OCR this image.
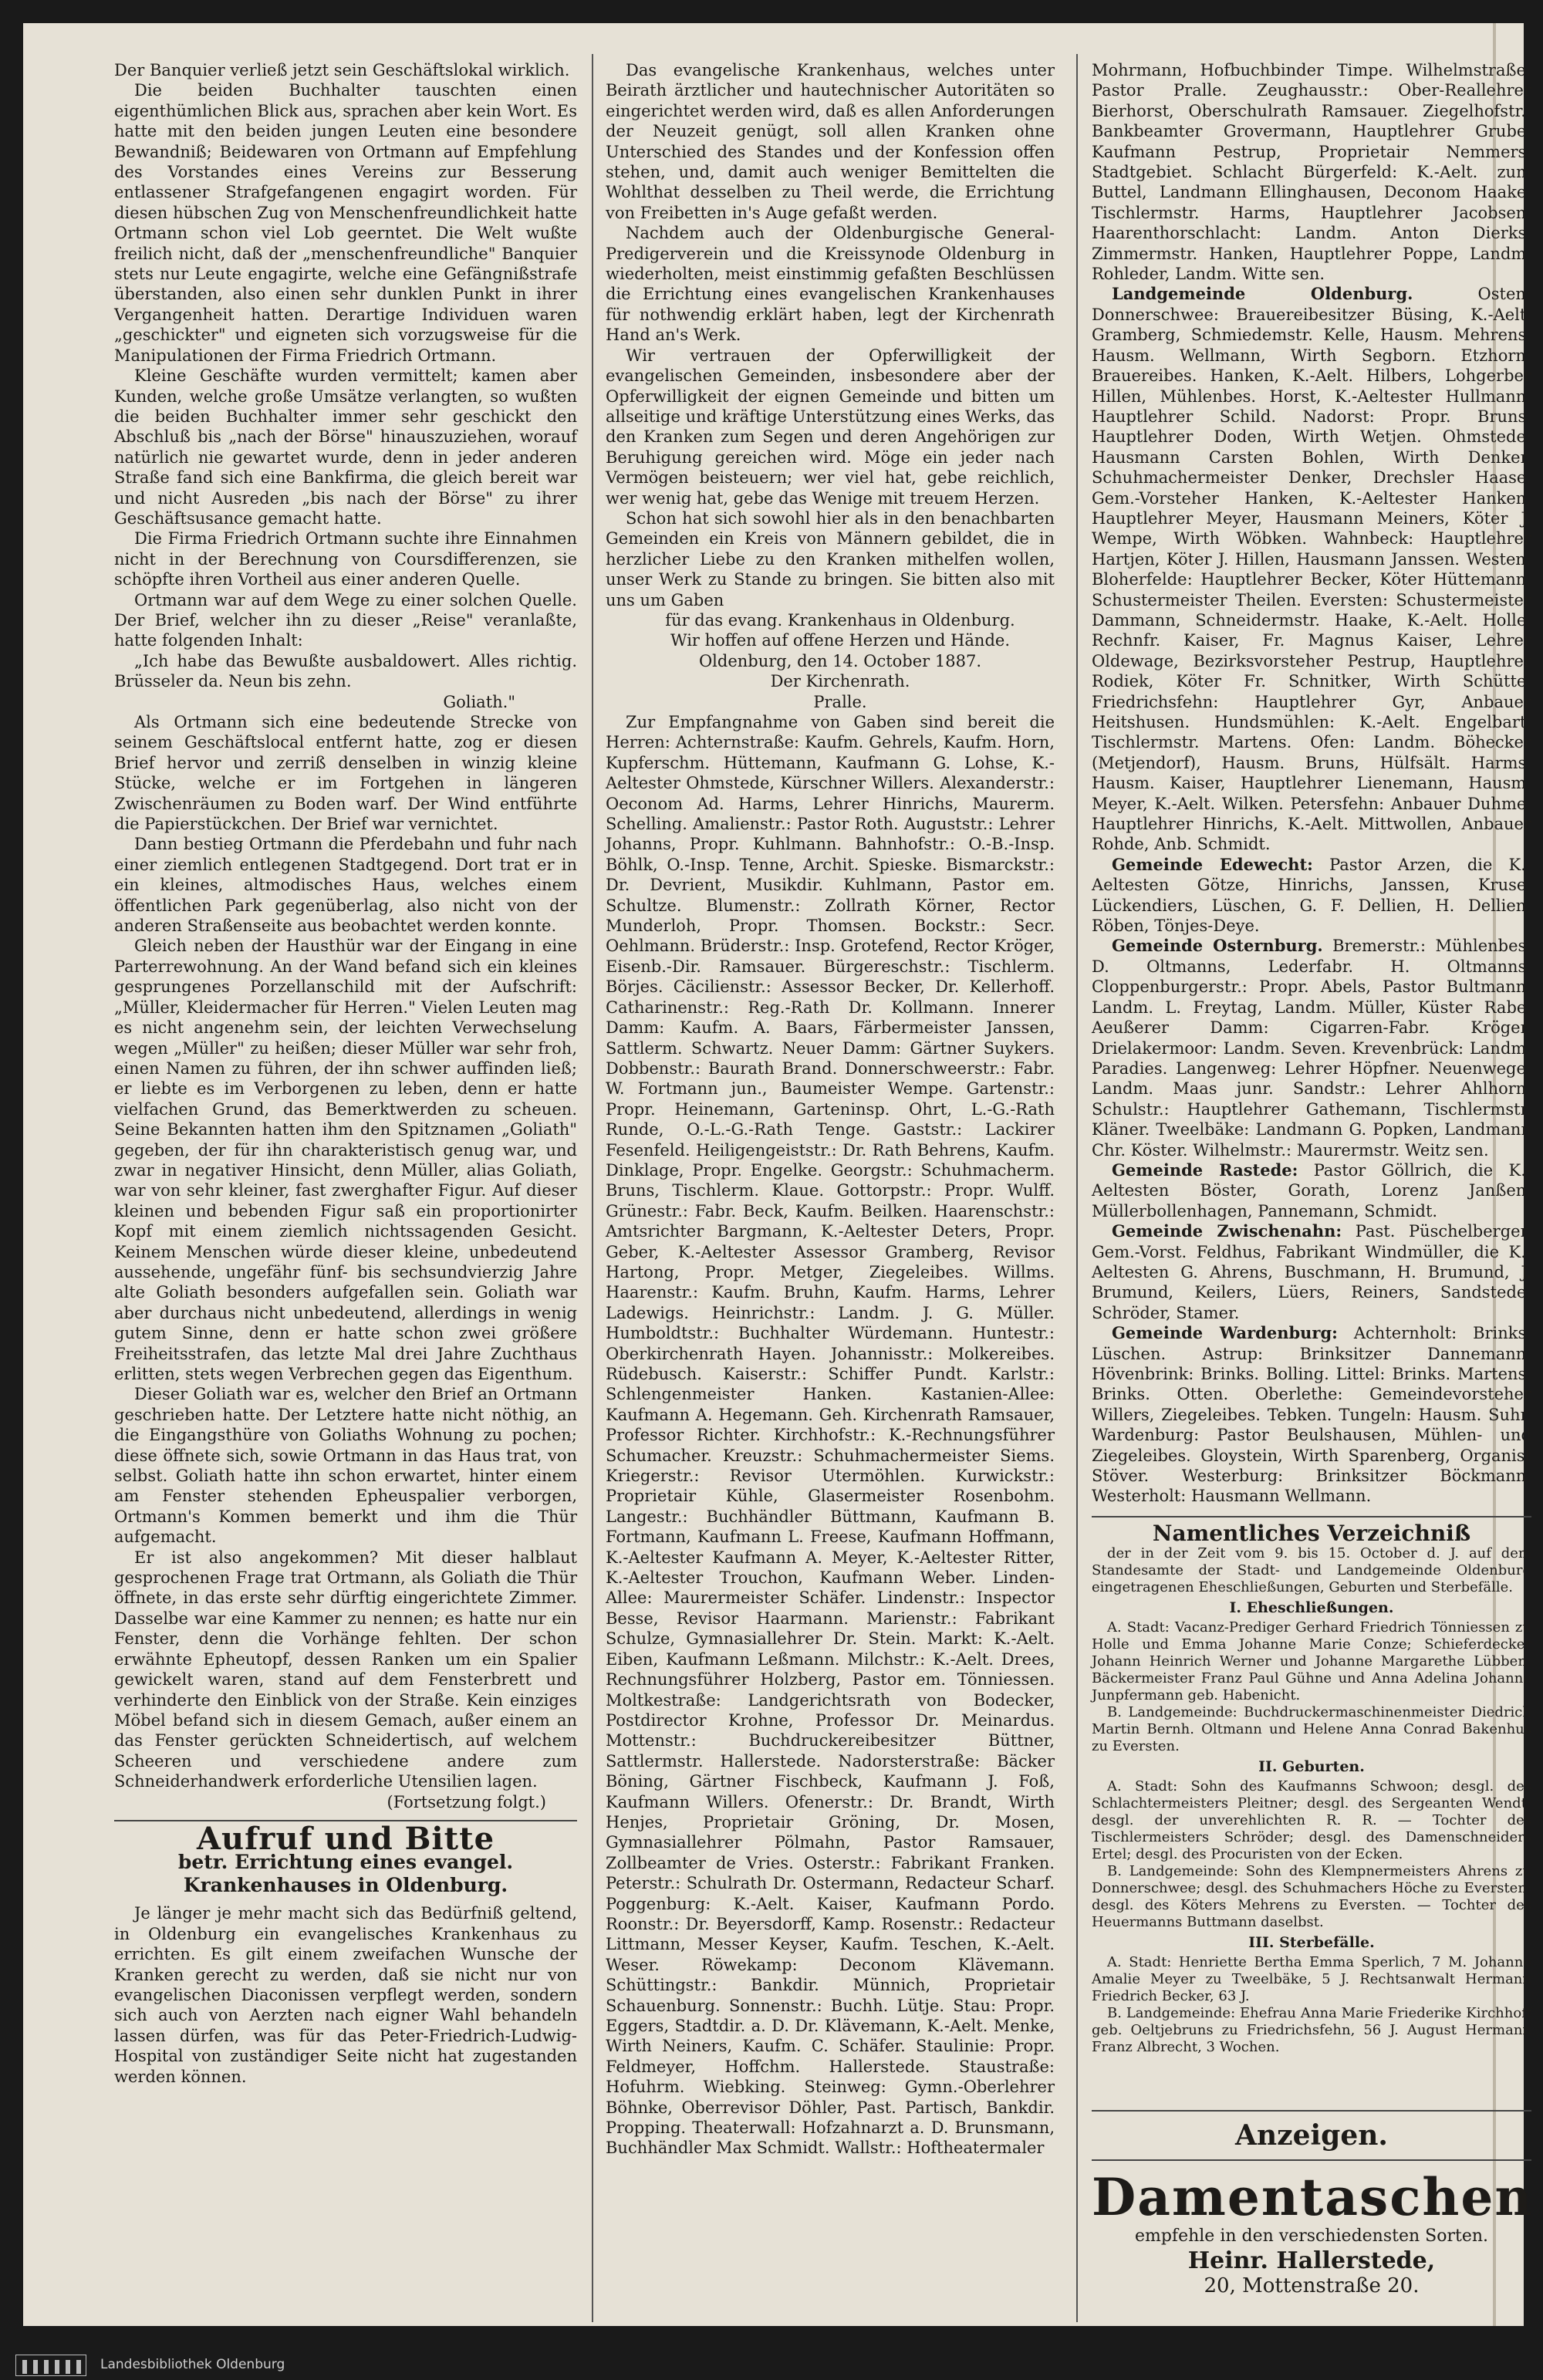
Der Banquier verließ jetzt sein Geschäftslokal wirklich.

Die beiden Buchhalter tauschten einen eigenthümlichen Blick aus, sprachen aber kein Wort. Es hatte mit den beiden jungen Leuten eine besondere Bewandniß; Beidewaren von Ortmann auf Empfehlung des Vorstandes eines Vereins zur Besserung entlassener Strafgefangenen engagirt worden. Für diesen hübschen Zug von Menschenfreundlichkeit hatte Ortmann schon viel Lob geerntet. Die Welt wußte freilich nicht, daß der „menschenfreundliche" Banquier stets nur Leute engagirte, welche eine Gefängnißstrafe überstanden, also einen sehr dunklen Punkt in ihrer Vergangenheit hatten. Derartige Individuen waren „geschickter" und eigneten sich vorzugsweise für die Manipulationen der Firma Friedrich Ortmann.

Kleine Geschäfte wurden vermittelt; kamen aber Kunden, welche große Umsätze verlangten, so wußten die beiden Buchhalter immer sehr geschickt den Abschluß bis „nach der Börse" hinauszuziehen, worauf natürlich nie gewartet wurde, denn in jeder anderen Straße fand sich eine Bankfirma, die gleich bereit war und nicht Ausreden „bis nach der Börse" zu ihrer Geschäftsusance gemacht hatte.

Die Firma Friedrich Ortmann suchte ihre Einnahmen nicht in der Berechnung von Coursdifferenzen, sie schöpfte ihren Vortheil aus einer anderen Quelle.

Ortmann war auf dem Wege zu einer solchen Quelle. Der Brief, welcher ihn zu dieser „Reise" veranlaßte, hatte folgenden Inhalt:

„Ich habe das Bewußte ausbaldowert. Alles richtig. Brüsseler da. Neun bis zehn.

Goliath."

Als Ortmann sich eine bedeutende Strecke von seinem Geschäftslocal entfernt hatte, zog er diesen Brief hervor und zerriß denselben in winzig kleine Stücke, welche er im Fortgehen in längeren Zwischenräumen zu Boden warf. Der Wind entführte die Papierstückchen. Der Brief war vernichtet.

Dann bestieg Ortmann die Pferdebahn und fuhr nach einer ziemlich entlegenen Stadtgegend. Dort trat er in ein kleines, altmodisches Haus, welches einem öffentlichen Park gegenüberlag, also nicht von der anderen Straßenseite aus beobachtet werden konnte.

Gleich neben der Hausthür war der Eingang in eine Parterrewohnung. An der Wand befand sich ein kleines gesprungenes Porzellanschild mit der Aufschrift: „Müller, Kleidermacher für Herren." Vielen Leuten mag es nicht angenehm sein, der leichten Verwechselung wegen „Müller" zu heißen; dieser Müller war sehr froh, einen Namen zu führen, der ihn schwer auffinden ließ; er liebte es im Verborgenen zu leben, denn er hatte vielfachen Grund, das Bemerktwerden zu scheuen. Seine Bekannten hatten ihm den Spitznamen „Goliath" gegeben, der für ihn charakteristisch genug war, und zwar in negativer Hinsicht, denn Müller, alias Goliath, war von sehr kleiner, fast zwerghafter Figur. Auf dieser kleinen und bebenden Figur saß ein proportionirter Kopf mit einem ziemlich nichtssagenden Gesicht. Keinem Menschen würde dieser kleine, unbedeutend aussehende, ungefähr fünf- bis sechsundvierzig Jahre alte Goliath besonders aufgefallen sein. Goliath war aber durchaus nicht unbedeutend, allerdings in wenig gutem Sinne, denn er hatte schon zwei größere Freiheitsstrafen, das letzte Mal drei Jahre Zuchthaus erlitten, stets wegen Verbrechen gegen das Eigenthum.

Dieser Goliath war es, welcher den Brief an Ortmann geschrieben hatte. Der Letztere hatte nicht nöthig, an die Eingangsthüre von Goliaths Wohnung zu pochen; diese öffnete sich, sowie Ortmann in das Haus trat, von selbst. Goliath hatte ihn schon erwartet, hinter einem am Fenster stehenden Epheuspalier verborgen, Ortmann's Kommen bemerkt und ihm die Thür aufgemacht.

Er ist also angekommen? Mit dieser halblaut gesprochenen Frage trat Ortmann, als Goliath die Thür öffnete, in das erste sehr dürftig eingerichtete Zimmer. Dasselbe war eine Kammer zu nennen; es hatte nur ein Fenster, denn die Vorhänge fehlten. Der schon erwähnte Epheutopf, dessen Ranken um ein Spalier gewickelt waren, stand auf dem Fensterbrett und verhinderte den Einblick von der Straße. Kein einziges Möbel befand sich in diesem Gemach, außer einem an das Fenster gerückten Schneidertisch, auf welchem Scheeren und verschiedene andere zum Schneiderhandwerk erforderliche Utensilien lagen.

(Fortsetzung folgt.)

Aufruf und Bitte
betr. Errichtung eines evangel. Krankenhauses in Oldenburg.

Je länger je mehr macht sich das Bedürfniß geltend, in Oldenburg ein evangelisches Krankenhaus zu errichten. Es gilt einem zweifachen Wunsche der Kranken gerecht zu werden, daß sie nicht nur von evangelischen Diaconissen verpflegt werden, sondern sich auch von Aerzten nach eigner Wahl behandeln lassen dürfen, was für das Peter-Friedrich-Ludwig-Hospital von zuständiger Seite nicht hat zugestanden werden können.

Das evangelische Krankenhaus, welches unter Beirath ärztlicher und hautechnischer Autoritäten so eingerichtet werden wird, daß es allen Anforderungen der Neuzeit genügt, soll allen Kranken ohne Unterschied des Standes und der Konfession offen stehen, und, damit auch weniger Bemittelten die Wohlthat desselben zu Theil werde, die Errichtung von Freibetten in's Auge gefaßt werden.

Nachdem auch der Oldenburgische General-Predigerverein und die Kreissynode Oldenburg in wiederholten, meist einstimmig gefaßten Beschlüssen die Errichtung eines evangelischen Krankenhauses für nothwendig erklärt haben, legt der Kirchenrath Hand an's Werk.

Wir vertrauen der Opferwilligkeit der evangelischen Gemeinden, insbesondere aber der Opferwilligkeit der eignen Gemeinde und bitten um allseitige und kräftige Unterstützung eines Werks, das den Kranken zum Segen und deren Angehörigen zur Beruhigung gereichen wird. Möge ein jeder nach Vermögen beisteuern; wer viel hat, gebe reichlich, wer wenig hat, gebe das Wenige mit treuem Herzen.

Schon hat sich sowohl hier als in den benachbarten Gemeinden ein Kreis von Männern gebildet, die in herzlicher Liebe zu den Kranken mithelfen wollen, unser Werk zu Stande zu bringen. Sie bitten also mit uns um Gaben

für das evang. Krankenhaus in Oldenburg.

Wir hoffen auf offene Herzen und Hände.

Oldenburg, den 14. October 1887.

Der Kirchenrath.

Pralle.

Zur Empfangnahme von Gaben sind bereit die Herren: Achternstraße: Kaufm. Gehrels, Kaufm. Horn, Kupferschm. Hüttemann, Kaufmann G. Lohse, K.-Aeltester Ohmstede, Kürschner Willers. Alexanderstr.: Oeconom Ad. Harms, Lehrer Hinrichs, Maurerm. Schelling. Amalienstr.: Pastor Roth. Auguststr.: Lehrer Johanns, Propr. Kuhlmann. Bahnhofstr.: O.-B.-Insp. Böhlk, O.-Insp. Tenne, Archit. Spieske. Bismarckstr.: Dr. Devrient, Musikdir. Kuhlmann, Pastor em. Schultze. Blumenstr.: Zollrath Körner, Rector Munderloh, Propr. Thomsen. Bockstr.: Secr. Oehlmann. Brüderstr.: Insp. Grotefend, Rector Kröger, Eisenb.-Dir. Ramsauer. Bürgereschstr.: Tischlerm. Börjes. Cäcilienstr.: Assessor Becker, Dr. Kellerhoff. Catharinenstr.: Reg.-Rath Dr. Kollmann. Innerer Damm: Kaufm. A. Baars, Färbermeister Janssen, Sattlerm. Schwartz. Neuer Damm: Gärtner Suykers. Dobbenstr.: Baurath Brand. Donnerschweerstr.: Fabr. W. Fortmann jun., Baumeister Wempe. Gartenstr.: Propr. Heinemann, Garteninsp. Ohrt, L.-G.-Rath Runde, O.-L.-G.-Rath Tenge. Gaststr.: Lackirer Fesenfeld. Heiligengeiststr.: Dr. Rath Behrens, Kaufm. Dinklage, Propr. Engelke. Georgstr.: Schuhmacherm. Bruns, Tischlerm. Klaue. Gottorpstr.: Propr. Wulff. Grünestr.: Fabr. Beck, Kaufm. Beilken. Haarenschstr.: Amtsrichter Bargmann, K.-Aeltester Deters, Propr. Geber, K.-Aeltester Assessor Gramberg, Revisor Hartong, Propr. Metger, Ziegeleibes. Willms. Haarenstr.: Kaufm. Bruhn, Kaufm. Harms, Lehrer Ladewigs. Heinrichstr.: Landm. J. G. Müller. Humboldtstr.: Buchhalter Würdemann. Huntestr.: Oberkirchenrath Hayen. Johannisstr.: Molkereibes. Rüdebusch. Kaiserstr.: Schiffer Pundt. Karlstr.: Schlengenmeister Hanken. Kastanien-Allee: Kaufmann A. Hegemann. Geh. Kirchenrath Ramsauer, Professor Richter. Kirchhofstr.: K.-Rechnungsführer Schumacher. Kreuzstr.: Schuhmachermeister Siems. Kriegerstr.: Revisor Utermöhlen. Kurwickstr.: Proprietair Kühle, Glasermeister Rosenbohm. Langestr.: Buchhändler Büttmann, Kaufmann B. Fortmann, Kaufmann L. Freese, Kaufmann Hoffmann, K.-Aeltester Kaufmann A. Meyer, K.-Aeltester Ritter, K.-Aeltester Trouchon, Kaufmann Weber. Linden-Allee: Maurermeister Schäfer. Lindenstr.: Inspector Besse, Revisor Haarmann. Marienstr.: Fabrikant Schulze, Gymnasiallehrer Dr. Stein. Markt: K.-Aelt. Eiben, Kaufmann Leßmann. Milchstr.: K.-Aelt. Drees, Rechnungsführer Holzberg, Pastor em. Tönniessen. Moltkestraße: Landgerichtsrath von Bodecker, Postdirector Krohne, Professor Dr. Meinardus. Mottenstr.: Buchdruckereibesitzer Büttner, Sattlermstr. Hallerstede. Nadorsterstraße: Bäcker Böning, Gärtner Fischbeck, Kaufmann J. Foß, Kaufmann Willers. Ofenerstr.: Dr. Brandt, Wirth Henjes, Proprietair Gröning, Dr. Mosen, Gymnasiallehrer Pölmahn, Pastor Ramsauer, Zollbeamter de Vries. Osterstr.: Fabrikant Franken. Peterstr.: Schulrath Dr. Ostermann, Redacteur Scharf. Poggenburg: K.-Aelt. Kaiser, Kaufmann Pordo. Roonstr.: Dr. Beyersdorff, Kamp. Rosenstr.: Redacteur Littmann, Messer Keyser, Kaufm. Teschen, K.-Aelt. Weser. Röwekamp: Deconom Klävemann. Schüttingstr.: Bankdir. Münnich, Proprietair Schauenburg. Sonnenstr.: Buchh. Lütje. Stau: Propr. Eggers, Stadtdir. a. D. Dr. Klävemann, K.-Aelt. Menke, Wirth Neiners, Kaufm. C. Schäfer. Staulinie: Propr. Feldmeyer, Hoffchm. Hallerstede. Staustraße: Hofuhrm. Wiebking. Steinweg: Gymn.-Oberlehrer Böhnke, Oberrevisor Döhler, Past. Partisch, Bankdir. Propping. Theaterwall: Hofzahnarzt a. D. Brunsmann, Buchhändler Max Schmidt. Wallstr.: Hoftheatermaler

Mohrmann, Hofbuchbinder Timpe. Wilhelmstraße: Pastor Pralle. Zeughausstr.: Ober-Reallehrer Bierhorst, Oberschulrath Ramsauer. Ziegelhofstr.: Bankbeamter Grovermann, Hauptlehrer Grube, Kaufmann Pestrup, Proprietair Nemmers. Stadtgebiet. Schlacht Bürgerfeld: K.-Aelt. zum Buttel, Landmann Ellinghausen, Deconom Haake, Tischlermstr. Harms, Hauptlehrer Jacobsen. Haarenthorschlacht: Landm. Anton Dierks, Zimmermstr. Hanken, Hauptlehrer Poppe, Landm. Rohleder, Landm. Witte sen.

Landgemeinde Oldenburg.	Osten: Donnerschwee: Brauereibesitzer Büsing, K.-Aelt. Gramberg, Schmiedemstr. Kelle, Hausm. Mehrens, Hausm. Wellmann, Wirth Segborn. Etzhorn: Brauereibes. Hanken, K.-Aelt. Hilbers, Lohgerber Hillen, Mühlenbes. Horst, K.-Aeltester Hullmann, Hauptlehrer Schild. Nadorst: Propr. Bruns, Hauptlehrer Doden, Wirth Wetjen. Ohmstede: Hausmann Carsten Bohlen, Wirth Denker, Schuhmachermeister Denker, Drechsler Haase, Gem.-Vorsteher Hanken, K.-Aeltester Hanken, Hauptlehrer Meyer, Hausmann Meiners, Köter J. Wempe, Wirth Wöbken. Wahnbeck: Hauptlehrer Hartjen, Köter J. Hillen, Hausmann Janssen. Westen: Bloherfelde: Hauptlehrer Becker, Köter Hüttemann, Schustermeister Theilen. Eversten: Schustermeister Dammann, Schneidermstr. Haake, K.-Aelt. Holle, Rechnfr. Kaiser, Fr. Magnus Kaiser, Lehrer Oldewage, Bezirksvorsteher Pestrup, Hauptlehrer Rodiek, Köter Fr. Schnitker, Wirth Schütte. Friedrichsfehn: Hauptlehrer Gyr, Anbauer Heitshusen. Hundsmühlen: K.-Aelt. Engelbart, Tischlermstr. Martens. Ofen: Landm. Böhecker (Metjendorf), Hausm. Bruns, Hülfsält. Harms, Hausm. Kaiser, Hauptlehrer Lienemann, Hausm. Meyer, K.-Aelt. Wilken. Petersfehn: Anbauer Duhme, Hauptlehrer Hinrichs, K.-Aelt. Mittwollen, Anbauer Rohde, Anb. Schmidt.

Gemeinde Edewecht: Pastor Arzen, die K.-Aeltesten Götze, Hinrichs, Janssen, Kruse, Lückendiers, Lüschen, G. F. Dellien, H. Dellien, Röben, Tönjes-Deye.

Gemeinde Osternburg. Bremerstr.: Mühlenbes. D. Oltmanns, Lederfabr. H. Oltmanns. Cloppenburgerstr.: Propr. Abels, Pastor Bultmann, Landm. L. Freytag, Landm. Müller, Küster Rabe. Aeußerer Damm: Cigarren-Fabr. Kröger. Drielakermoor: Landm. Seven. Krevenbrück: Landm. Paradies. Langenweg: Lehrer Höpfner. Neuenwege: Landm. Maas junr. Sandstr.: Lehrer Ahlhorn. Schulstr.: Hauptlehrer Gathemann, Tischlermstr. Kläner. Tweelbäke: Landmann G. Popken, Landmann Chr. Köster. Wilhelmstr.: Maurermstr. Weitz sen.

Gemeinde Rastede: Pastor Göllrich, die K.-Aeltesten Böster, Gorath, Lorenz Janßen, Müllerbollenhagen, Pannemann, Schmidt.

Gemeinde Zwischenahn: Past. Püschelberger, Gem.-Vorst. Feldhus, Fabrikant Windmüller, die K.-Aeltesten G. Ahrens, Buschmann, H. Brumund, J. Brumund, Keilers, Lüers, Reiners, Sandstede, Schröder, Stamer.

Gemeinde Wardenburg: Achternholt: Brinks. Lüschen. Astrup: Brinksitzer Dannemann. Hövenbrink: Brinks. Bolling. Littel: Brinks. Martens, Brinks. Otten. Oberlethe: Gemeindevorsteher Willers, Ziegeleibes. Tebken. Tungeln: Hausm. Suhr. Wardenburg: Pastor Beulshausen, Mühlen- und Ziegeleibes. Gloystein, Wirth Sparenberg, Organist Stöver. Westerburg: Brinksitzer Böckmann. Westerholt: Hausmann Wellmann.

Namentliches Verzeichniß

der in der Zeit vom 9. bis 15. October d. J. auf dem Standesamte der Stadt- und Landgemeinde Oldenburg eingetragenen Eheschließungen, Geburten und Sterbefälle.

I. Eheschließungen.

A. Stadt: Vacanz-Prediger Gerhard Friedrich Tönniessen zu Holle und Emma Johanne Marie Conze; Schieferdecker Johann Heinrich Werner und Johanne Margarethe Lübben; Bäckermeister Franz Paul Gühne und Anna Adelina Johanne Junpfermann geb. Habenicht.

B. Landgemeinde: Buchdruckermaschinenmeister Diedrich Martin Bernh. Oltmann und Helene Anna Conrad Bakenhus zu Eversten.

II. Geburten.

A. Stadt: Sohn des Kaufmanns Schwoon; desgl. des Schlachtermeisters Pleitner; desgl. des Sergeanten Wendt; desgl. der unverehlichten R. R. — Tochter des Tischlermeisters Schröder; desgl. des Damenschneiders Ertel; desgl. des Procuristen von der Ecken.

B. Landgemeinde: Sohn des Klempnermeisters Ahrens zu Donnerschwee; desgl. des Schuhmachers Höche zu Eversten; desgl. des Köters Mehrens zu Eversten. — Tochter des Heuermanns Buttmann daselbst.

III. Sterbefälle.

A. Stadt: Henriette Bertha Emma Sperlich, 7 M. Johanne Amalie Meyer zu Tweelbäke, 5 J. Rechtsanwalt Hermann Friedrich Becker, 63 J.

B. Landgemeinde: Ehefrau Anna Marie Friederike Kirchhoff geb. Oeltjebruns zu Friedrichsfehn, 56 J. August Hermann Franz Albrecht, 3 Wochen.

Anzeigen.
Damentaschen
empfehle in den verschiedensten Sorten.
Heinr. Hallerstede,
20, Mottenstraße 20.
Landesbibliothek Oldenburg
